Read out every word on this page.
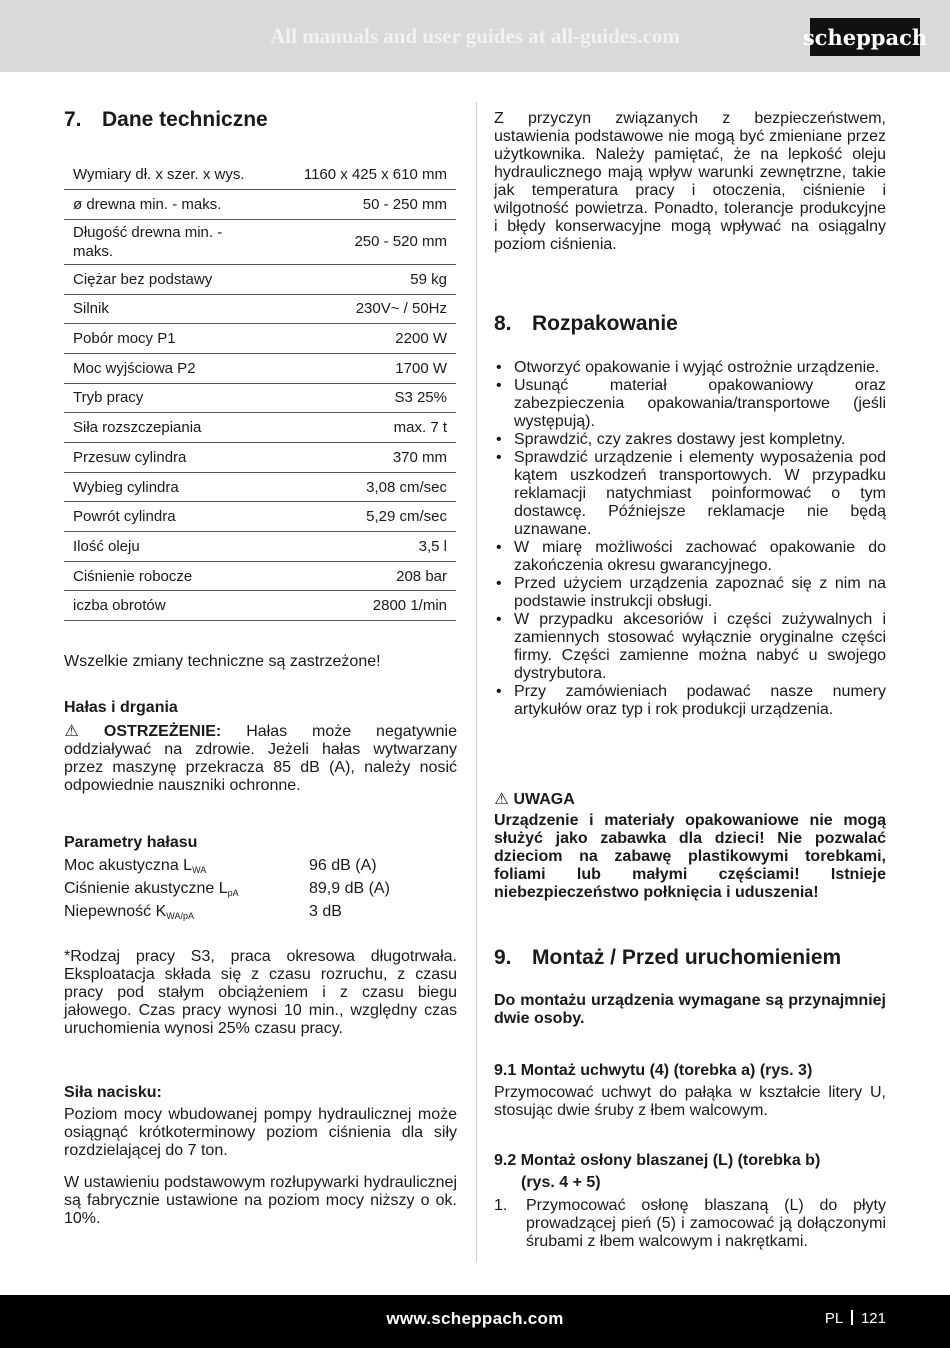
All manuals and user guides at all-guides.com	scheppach
7. Dane techniczne
Wymiary dł. x szer. x wys.	1160 x 425 x 610 mm
ø drewna min. - maks.	50 - 250 mm
Długość drewna min. - maks.	250 - 520 mm
Ciężar bez podstawy	59 kg
Silnik	230V~ / 50Hz
Pobór mocy P1	2200 W
Moc wyjściowa P2	1700 W
Tryb pracy	S3 25%
Siła rozszczepiania	max. 7 t
Przesuw cylindra	370 mm
Wybieg cylindra	3,08 cm/sec
Powrót cylindra	5,29 cm/sec
Ilość oleju	3,5 l
Ciśnienie robocze	208 bar
iczba obrotów	2800 1/min
Wszelkie zmiany techniczne są zastrzeżone!
Hałas i drgania
⚠ OSTRZEŻENIE: Hałas może negatywnie oddziaływać na zdrowie. Jeżeli hałas wytwarzany przez maszynę przekracza 85 dB (A), należy nosić odpowiednie nauszniki ochronne.
Parametry hałasu
Moc akustyczna $L_{WA}$	96 dB (A)
Ciśnienie akustyczne $L_{pA}$	89,9 dB (A)
Niepewność $K_{WA/pA}$	3 dB
*Rodzaj pracy S3, praca okresowa długotrwała. Eksploatacja składa się z czasu rozruchu, z czasu pracy pod stałym obciążeniem i z czasu biegu jałowego. Czas pracy wynosi 10 min., względny czas uruchomienia wynosi 25% czasu pracy.
Siła nacisku:
Poziom mocy wbudowanej pompy hydraulicznej może osiągnąć krótkoterminowy poziom ciśnienia dla siły rozdzielającej do 7 ton.
W ustawieniu podstawowym rozłupywarki hydraulicznej są fabrycznie ustawione na poziom mocy niższy o ok. 10%.
Z przyczyn związanych z bezpieczeństwem, ustawienia podstawowe nie mogą być zmieniane przez użytkownika. Należy pamiętać, że na lepkość oleju hydraulicznego mają wpływ warunki zewnętrzne, takie jak temperatura pracy i otoczenia, ciśnienie i wilgotność powietrza. Ponadto, tolerancje produkcyjne i błędy konserwacyjne mogą wpływać na osiągalny poziom ciśnienia.
8. Rozpakowanie
• Otworzyć opakowanie i wyjąć ostrożnie urządzenie.
• Usunąć materiał opakowaniowy oraz zabezpieczenia opakowania/transportowe (jeśli występują).
• Sprawdzić, czy zakres dostawy jest kompletny.
• Sprawdzić urządzenie i elementy wyposażenia pod kątem uszkodzeń transportowych. W przypadku reklamacji natychmiast poinformować o tym dostawcę. Późniejsze reklamacje nie będą uznawane.
• W miarę możliwości zachować opakowanie do zakończenia okresu gwarancyjnego.
• Przed użyciem urządzenia zapoznać się z nim na podstawie instrukcji obsługi.
• W przypadku akcesoriów i części zużywalnych i zamiennych stosować wyłącznie oryginalne części firmy. Części zamienne można nabyć u swojego dystrybutora.
• Przy zamówieniach podawać nasze numery artykułów oraz typ i rok produkcji urządzenia.
⚠ UWAGA
Urządzenie i materiały opakowaniowe nie mogą służyć jako zabawka dla dzieci! Nie pozwalać dzieciom na zabawę plastikowymi torebkami, foliami lub małymi częściami! Istnieje niebezpieczeństwo połknięcia i uduszenia!
9. Montaż / Przed uruchomieniem
Do montażu urządzenia wymagane są przynajmniej dwie osoby.
9.1 Montaż uchwytu (4) (torebka a) (rys. 3)
Przymocować uchwyt do pałąka w kształcie litery U, stosując dwie śruby z łbem walcowym.
9.2 Montaż osłony blaszanej (L) (torebka b)
(rys. 4 + 5)
1.	Przymocować osłonę blaszaną (L) do płyty prowadzącej pień (5) i zamocować ją dołączonymi śrubami z łbem walcowym i nakrętkami.
www.scheppach.com	PL 121
